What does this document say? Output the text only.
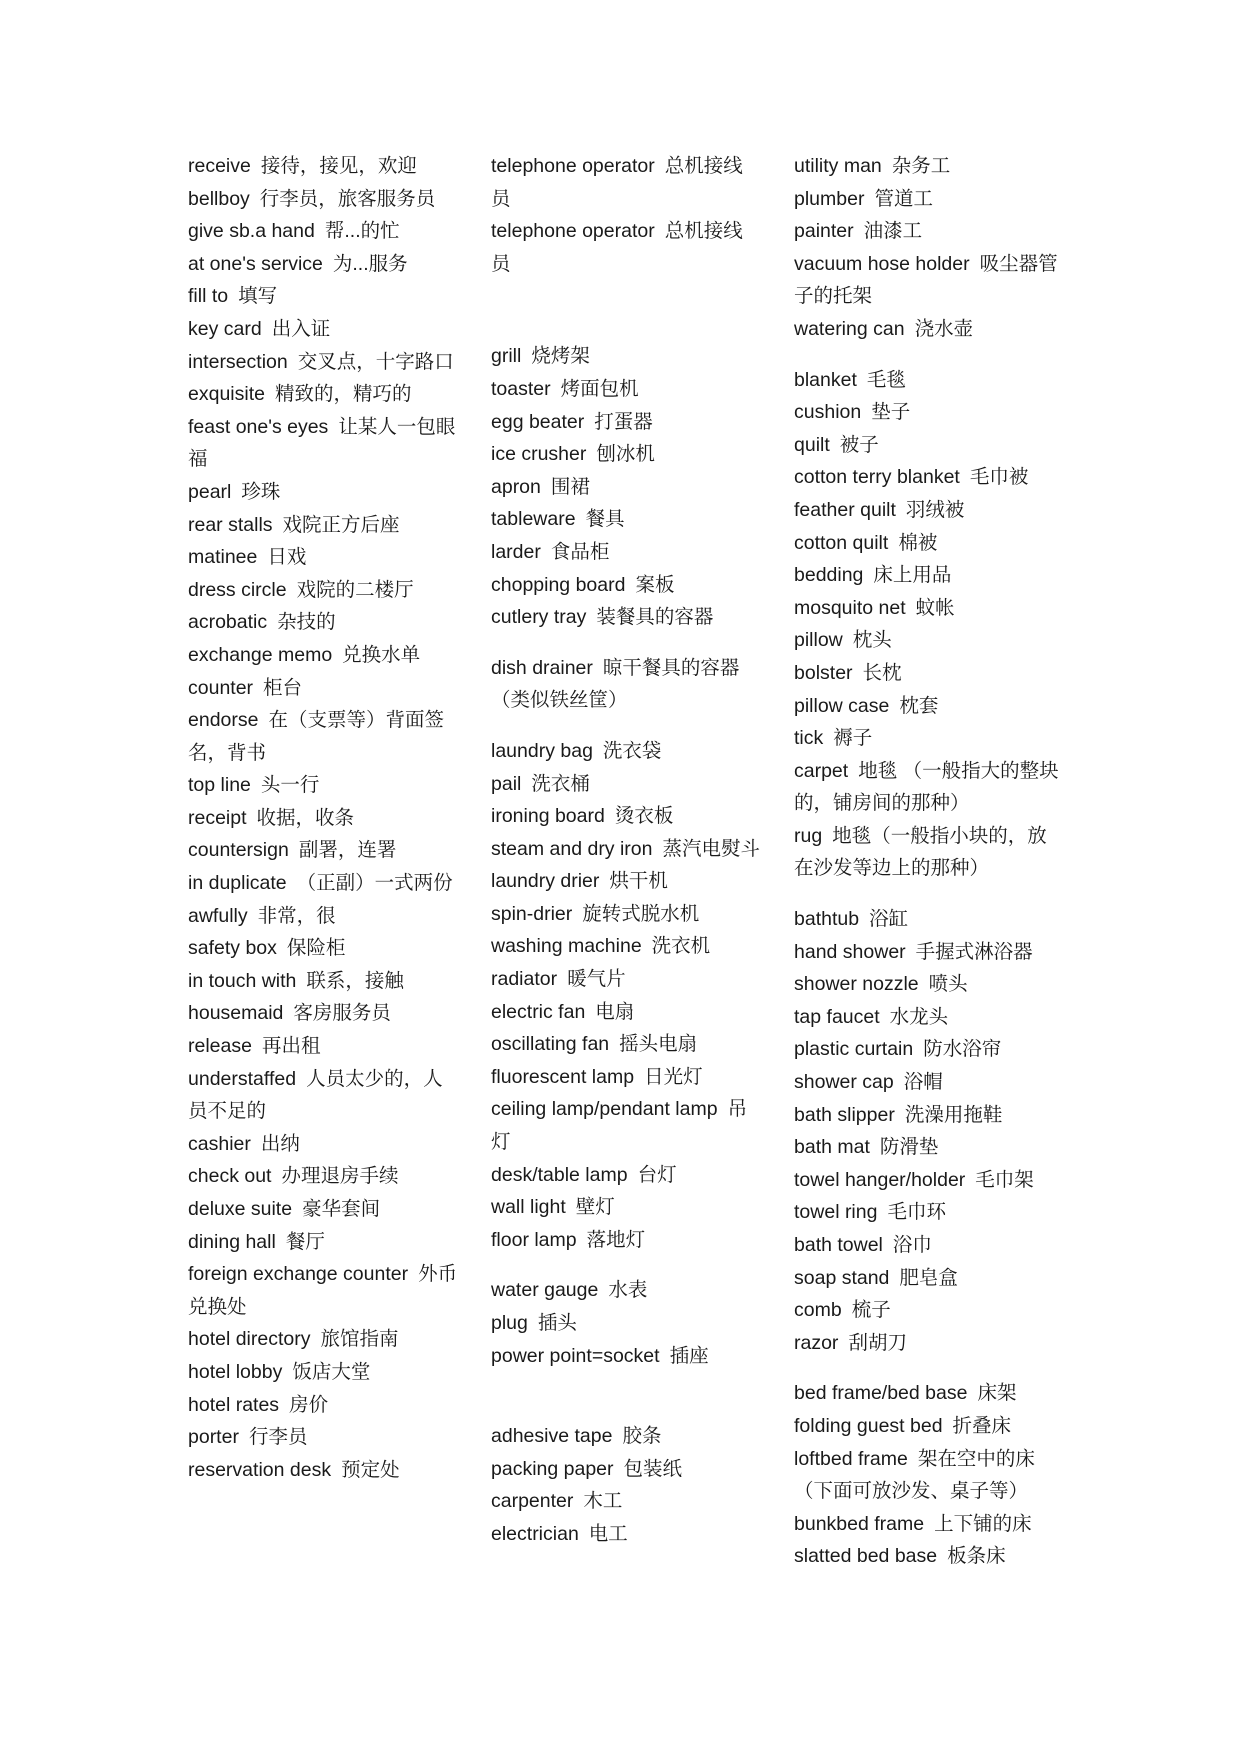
receive 接待，接见，欢迎

bellboy 行李员，旅客服务员

give sb.a hand 帮...的忙

at one's service 为...服务

fill to 填写

key card 出入证

intersection 交叉点，十字路口

exquisite 精致的，精巧的

feast one's eyes 让某人一包眼福

pearl 珍珠

rear stalls 戏院正方后座

matinee 日戏

dress circle 戏院的二楼厅

acrobatic 杂技的

exchange memo 兑换水单

counter 柜台

endorse 在（支票等）背面签名，背书

top line 头一行

receipt 收据，收条

countersign 副署，连署

in duplicate （正副）一式两份

awfully 非常，很

safety box 保险柜

in touch with 联系，接触

housemaid 客房服务员

release 再出租

understaffed 人员太少的，人员不足的

cashier 出纳

check out 办理退房手续

deluxe suite 豪华套间

dining hall 餐厅

foreign exchange counter 外币兑换处

hotel directory 旅馆指南

hotel lobby 饭店大堂

hotel rates 房价

porter 行李员

reservation desk 预定处

telephone operator 总机接线员

telephone operator 总机接线员

grill 烧烤架

toaster 烤面包机

egg beater 打蛋器

ice crusher 刨冰机

apron 围裙

tableware 餐具

larder 食品柜

chopping board 案板

cutlery tray 装餐具的容器

dish drainer 晾干餐具的容器（类似铁丝筐）

laundry bag 洗衣袋

pail 洗衣桶

ironing board 烫衣板

steam and dry iron 蒸汽电熨斗

laundry drier 烘干机

spin-drier 旋转式脱水机

washing machine 洗衣机

radiator 暖气片

electric fan 电扇

oscillating fan 摇头电扇

fluorescent lamp 日光灯

ceiling lamp/pendant lamp 吊灯

desk/table lamp 台灯

wall light 壁灯

floor lamp 落地灯

water gauge 水表

plug 插头

power point=socket 插座

adhesive tape 胶条

packing paper 包装纸

carpenter 木工

electrician 电工

utility man 杂务工

plumber 管道工

painter 油漆工

vacuum hose holder 吸尘器管子的托架

watering can 浇水壶

blanket 毛毯

cushion 垫子

quilt 被子

cotton terry blanket 毛巾被

feather quilt 羽绒被

cotton quilt 棉被

bedding 床上用品

mosquito net 蚊帐

pillow 枕头

bolster 长枕

pillow case 枕套

tick 褥子

carpet 地毯 （一般指大的整块的，铺房间的那种）

rug 地毯（一般指小块的，放在沙发等边上的那种）

bathtub 浴缸

hand shower 手握式淋浴器

shower nozzle 喷头

tap faucet 水龙头

plastic curtain 防水浴帘

shower cap 浴帽

bath slipper 洗澡用拖鞋

bath mat 防滑垫

towel hanger/holder 毛巾架

towel ring 毛巾环

bath towel 浴巾

soap stand 肥皂盒

comb 梳子

razor 刮胡刀

bed frame/bed base 床架

folding guest bed 折叠床

loftbed frame 架在空中的床（下面可放沙发、桌子等）

bunkbed frame 上下铺的床

slatted bed base 板条床
